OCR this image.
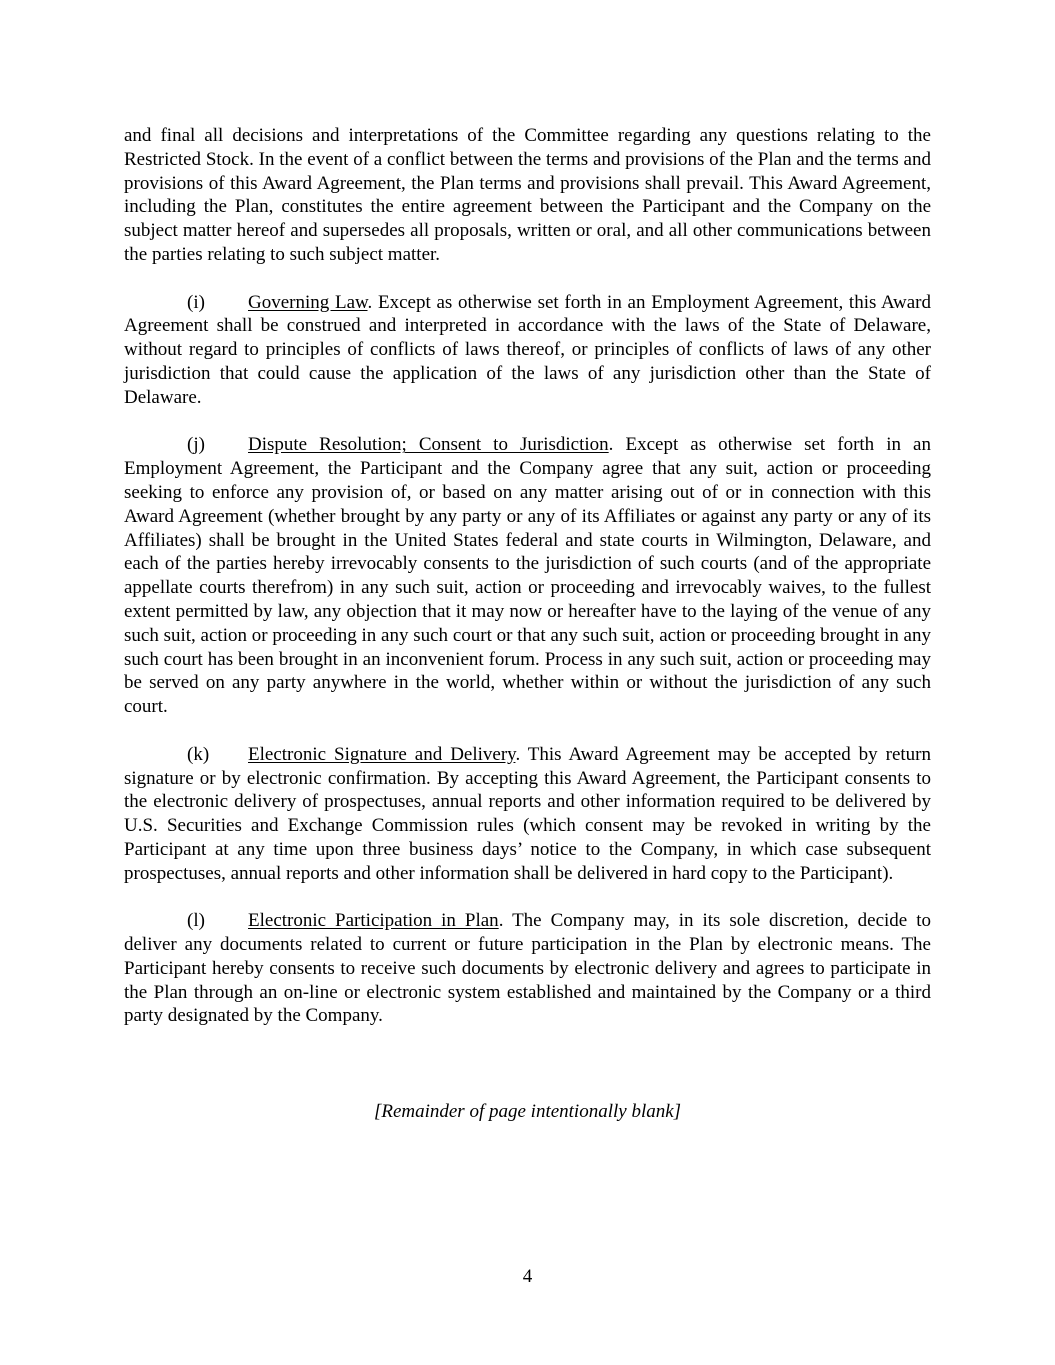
and final all decisions and interpretations of the Committee regarding any questions relating to the Restricted Stock. In the event of a conflict between the terms and provisions of the Plan and the terms and provisions of this Award Agreement, the Plan terms and provisions shall prevail. This Award Agreement, including the Plan, constitutes the entire agreement between the Participant and the Company on the subject matter hereof and supersedes all proposals, written or oral, and all other communications between the parties relating to such subject matter.

(i) Governing Law. Except as otherwise set forth in an Employment Agreement, this Award Agreement shall be construed and interpreted in accordance with the laws of the State of Delaware, without regard to principles of conflicts of laws thereof, or principles of conflicts of laws of any other jurisdiction that could cause the application of the laws of any jurisdiction other than the State of Delaware.

(j) Dispute Resolution; Consent to Jurisdiction. Except as otherwise set forth in an Employment Agreement, the Participant and the Company agree that any suit, action or proceeding seeking to enforce any provision of, or based on any matter arising out of or in connection with this Award Agreement (whether brought by any party or any of its Affiliates or against any party or any of its Affiliates) shall be brought in the United States federal and state courts in Wilmington, Delaware, and each of the parties hereby irrevocably consents to the jurisdiction of such courts (and of the appropriate appellate courts therefrom) in any such suit, action or proceeding and irrevocably waives, to the fullest extent permitted by law, any objection that it may now or hereafter have to the laying of the venue of any such suit, action or proceeding in any such court or that any such suit, action or proceeding brought in any such court has been brought in an inconvenient forum. Process in any such suit, action or proceeding may be served on any party anywhere in the world, whether within or without the jurisdiction of any such court.

(k) Electronic Signature and Delivery. This Award Agreement may be accepted by return signature or by electronic confirmation. By accepting this Award Agreement, the Participant consents to the electronic delivery of prospectuses, annual reports and other information required to be delivered by U.S. Securities and Exchange Commission rules (which consent may be revoked in writing by the Participant at any time upon three business days’ notice to the Company, in which case subsequent prospectuses, annual reports and other information shall be delivered in hard copy to the Participant).

(l) Electronic Participation in Plan. The Company may, in its sole discretion, decide to deliver any documents related to current or future participation in the Plan by electronic means. The Participant hereby consents to receive such documents by electronic delivery and agrees to participate in the Plan through an on-line or electronic system established and maintained by the Company or a third party designated by the Company.

[Remainder of page intentionally blank]
4
